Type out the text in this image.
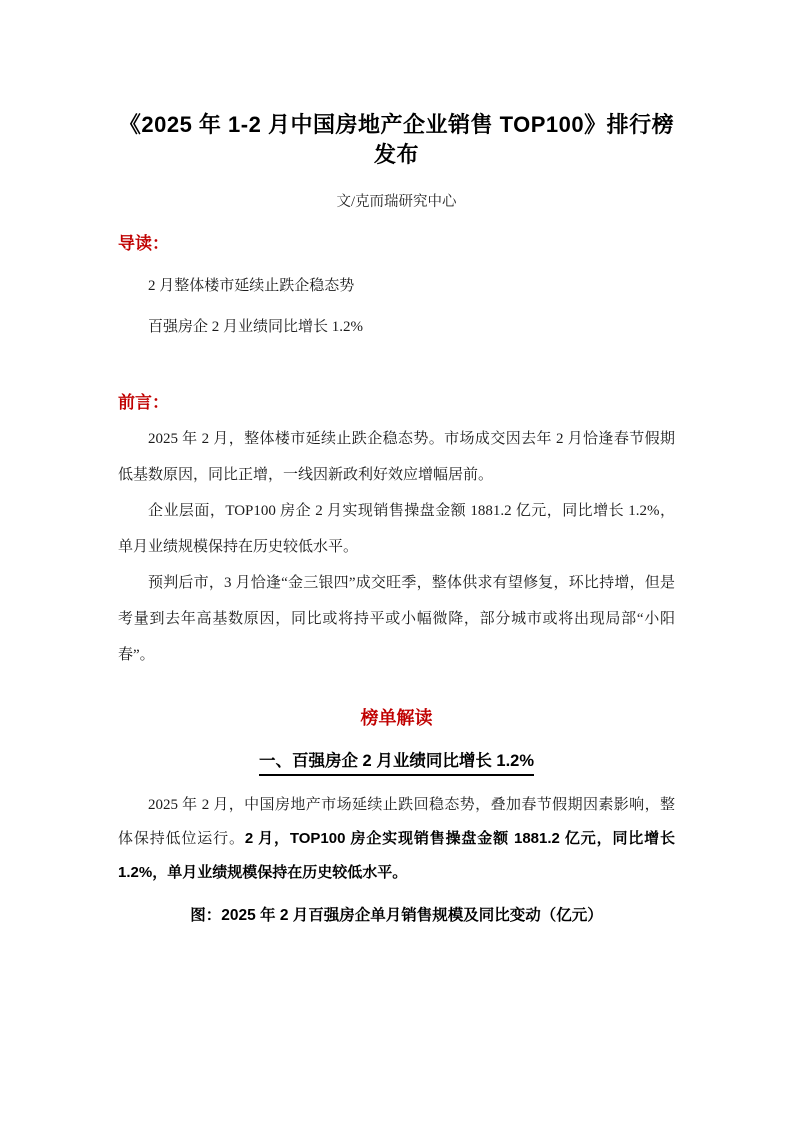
《2025 年 1-2 月中国房地产企业销售 TOP100》排行榜发布
文/克而瑞研究中心
导读：
2 月整体楼市延续止跌企稳态势
百强房企 2 月业绩同比增长 1.2%
前言：

2025 年 2 月，整体楼市延续止跌企稳态势。市场成交因去年 2 月恰逢春节假期低基数原因，同比正增，一线因新政利好效应增幅居前。

企业层面，TOP100 房企 2 月实现销售操盘金额 1881.2 亿元，同比增长 1.2%，单月业绩规模保持在历史较低水平。

预判后市，3 月恰逢“金三银四”成交旺季，整体供求有望修复，环比持增，但是考量到去年高基数原因，同比或将持平或小幅微降，部分城市或将出现局部“小阳春”。

榜单解读
一、百强房企 2 月业绩同比增长 1.2%

2025 年 2 月，中国房地产市场延续止跌回稳态势，叠加春节假期因素影响，整体保持低位运行。2 月，TOP100 房企实现销售操盘金额 1881.2 亿元，同比增长 1.2%，单月业绩规模保持在历史较低水平。

图：2025 年 2 月百强房企单月销售规模及同比变动（亿元）
